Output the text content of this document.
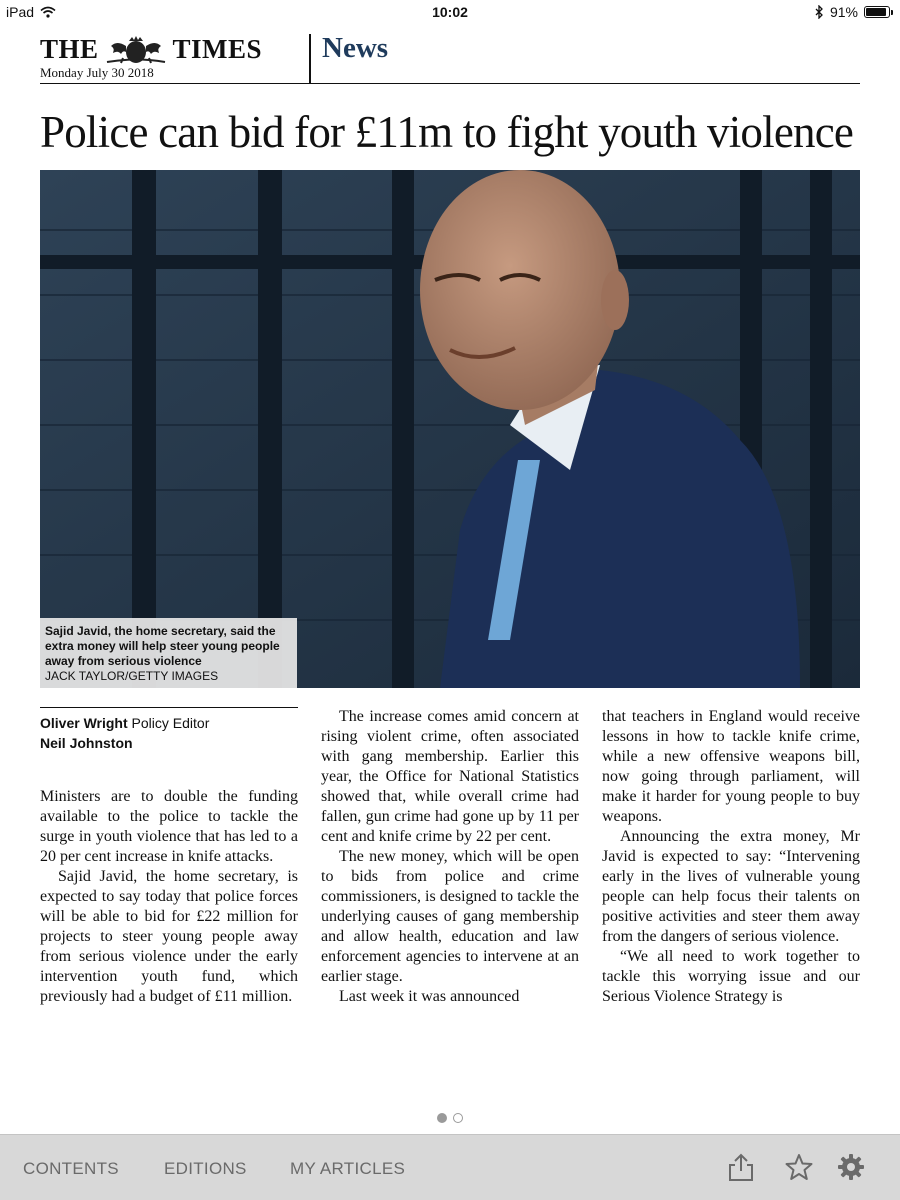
iPad	10:02	91%
THE	TIMES
Monday July 30 2018
News
Police can bid for £11m to fight youth violence
Sajid Javid, the home secretary, said the extra money will help steer young people away from serious violence
JACK TAYLOR/GETTY IMAGES
Oliver Wright Policy Editor
Neil Johnston

Ministers are to double the funding available to the police to tackle the surge in youth violence that has led to a 20 per cent increase in knife attacks.

Sajid Javid, the home secretary, is expected to say today that police forces will be able to bid for £22 million for projects to steer young people away from serious violence under the early intervention youth fund, which previously had a budget of £11 million.

The increase comes amid concern at rising violent crime, often associated with gang membership. Earlier this year, the Office for National Statistics showed that, while overall crime had fallen, gun crime had gone up by 11 per cent and knife crime by 22 per cent.

The new money, which will be open to bids from police and crime commissioners, is designed to tackle the underlying causes of gang membership and allow health, education and law enforcement agencies to intervene at an earlier stage.

Last week it was announced

that teachers in England would receive lessons in how to tackle knife crime, while a new offensive weapons bill, now going through parliament, will make it harder for young people to buy weapons.

Announcing the extra money, Mr Javid is expected to say: “Intervening early in the lives of vulnerable young people can help focus their talents on positive activities and steer them away from the dangers of serious violence.

“We all need to work together to tackle this worrying issue and our Serious Violence Strategy is

CONTENTS	EDITIONS	MY ARTICLES
